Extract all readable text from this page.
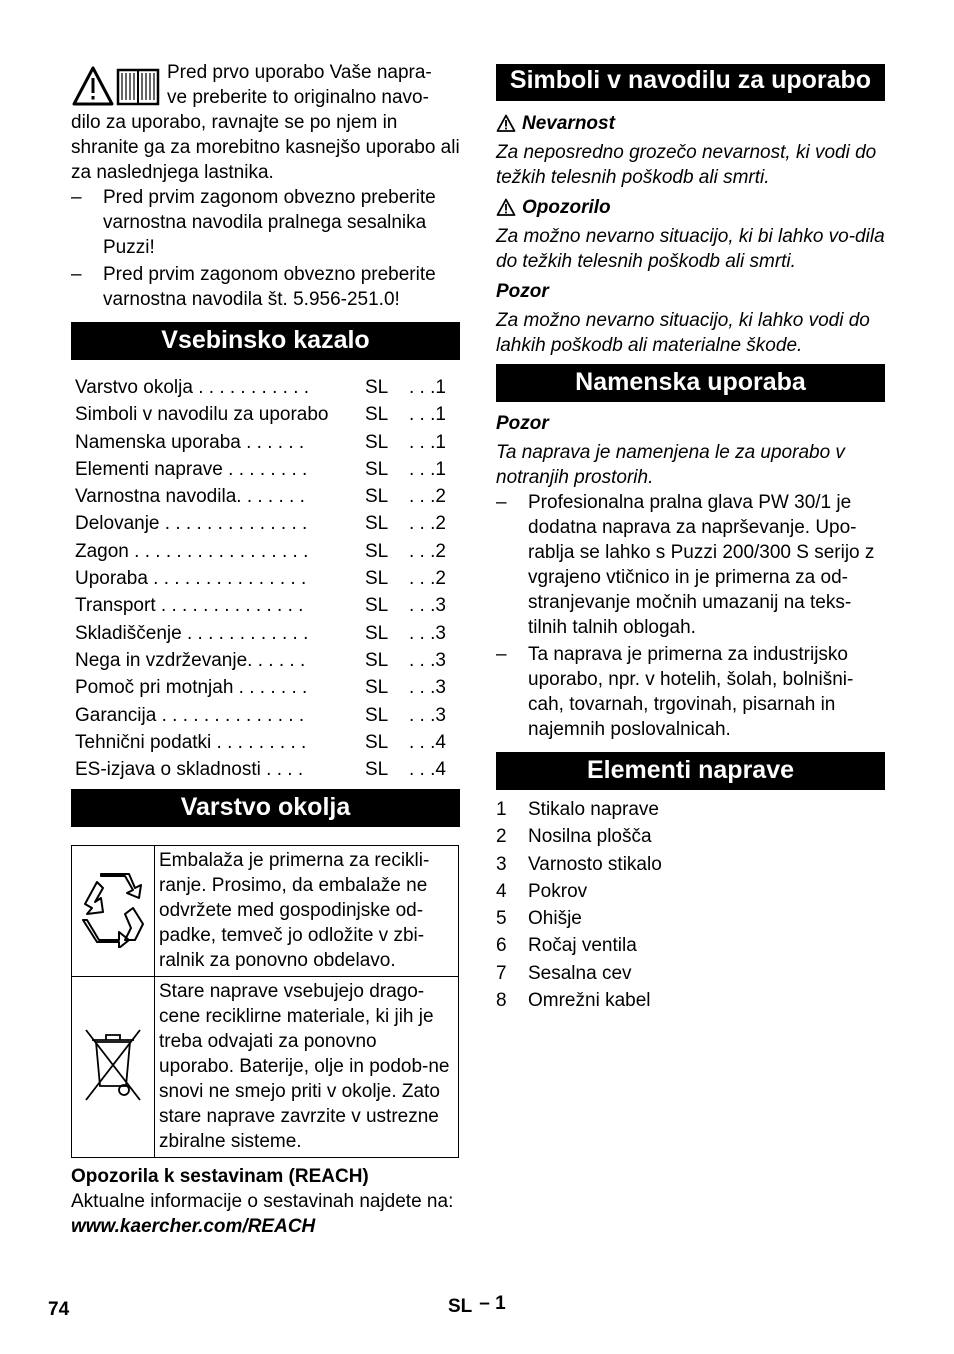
Pred prvo uporabo Vaše napra-

ve preberite to originalno navo-

dilo za uporabo, ravnajte se po njem in shranite ga za morebitno kasnejšo uporabo ali za naslednjega lastnika.

– Pred prvim zagonom obvezno preberite varnostna navodila pralnega sesalnika Puzzi!
– Pred prvim zagonom obvezno preberite varnostna navodila št. 5.956-251.0!
Vsebinsko kazalo
Varstvo okolja . . . . . . . . . . .	SL . . .1
Simboli v navodilu za uporabo SL . . .1
Namenska uporaba . . . . . .	SL . . .1
Elementi naprave . . . . . . . .	SL . . .1
Varnostna navodila. . . . . . .	SL . . .2
Delovanje . . . . . . . . . . . . . .	SL . . .2
Zagon . . . . . . . . . . . . . . . . .	SL . . .2
Uporaba . . . . . . . . . . . . . . .	SL . . .2
Transport . . . . . . . . . . . . . .	SL . . .3
Skladiščenje . . . . . . . . . . . .	SL . . .3
Nega in vzdrževanje. . . . . .	SL . . .3
Pomoč pri motnjah . . . . . . .	SL . . .3
Garancija . . . . . . . . . . . . . .	SL . . .3
Tehnični podatki . . . . . . . . .	SL . . .4
ES-izjava o skladnosti . . . .	SL . . .4
Varstvo okolja
	Embalaža je primerna za recikli-ranje. Prosimo, da embalaže ne odvržete med gospodinjske od-padke, temveč jo odložite v zbi-ralnik za ponovno obdelavo.
	Stare naprave vsebujejo drago-cene reciklirne materiale, ki jih je treba odvajati za ponovno uporabo. Baterije, olje in podob-ne snovi ne smejo priti v okolje. Zato stare naprave zavrzite v ustrezne zbiralne sisteme.

Opozorila k sestavinam (REACH)

Aktualne informacije o sestavinah najdete na:

www.kaercher.com/REACH

Simboli v navodilu za uporabo

Nevarnost

Za neposredno grozečo nevarnost, ki vodi do težkih telesnih poškodb ali smrti.

Opozorilo

Za možno nevarno situacijo, ki bi lahko vo-dila do težkih telesnih poškodb ali smrti.

Pozor

Za možno nevarno situacijo, ki lahko vodi do lahkih poškodb ali materialne škode.

Namenska uporaba

Pozor

Ta naprava je namenjena le za uporabo v notranjih prostorih.

– Profesionalna pralna glava PW 30/1 je dodatna naprava za naprševanje. Upo-rablja se lahko s Puzzi 200/300 S serijo z vgrajeno vtičnico in je primerna za od-stranjevanje močnih umazanij na teks-tilnih talnih oblogah.
– Ta naprava je primerna za industrijsko uporabo, npr. v hotelih, šolah, bolnišni-cah, tovarnah, trgovinah, pisarnah in najemnih poslovalnicah.
Elementi naprave
1 Stikalo naprave
2 Nosilna plošča
3 Varnosto stikalo
4 Pokrov
5 Ohišje
6 Ročaj ventila
7 Sesalna cev
8 Omrežni kabel
74	SL – 1
